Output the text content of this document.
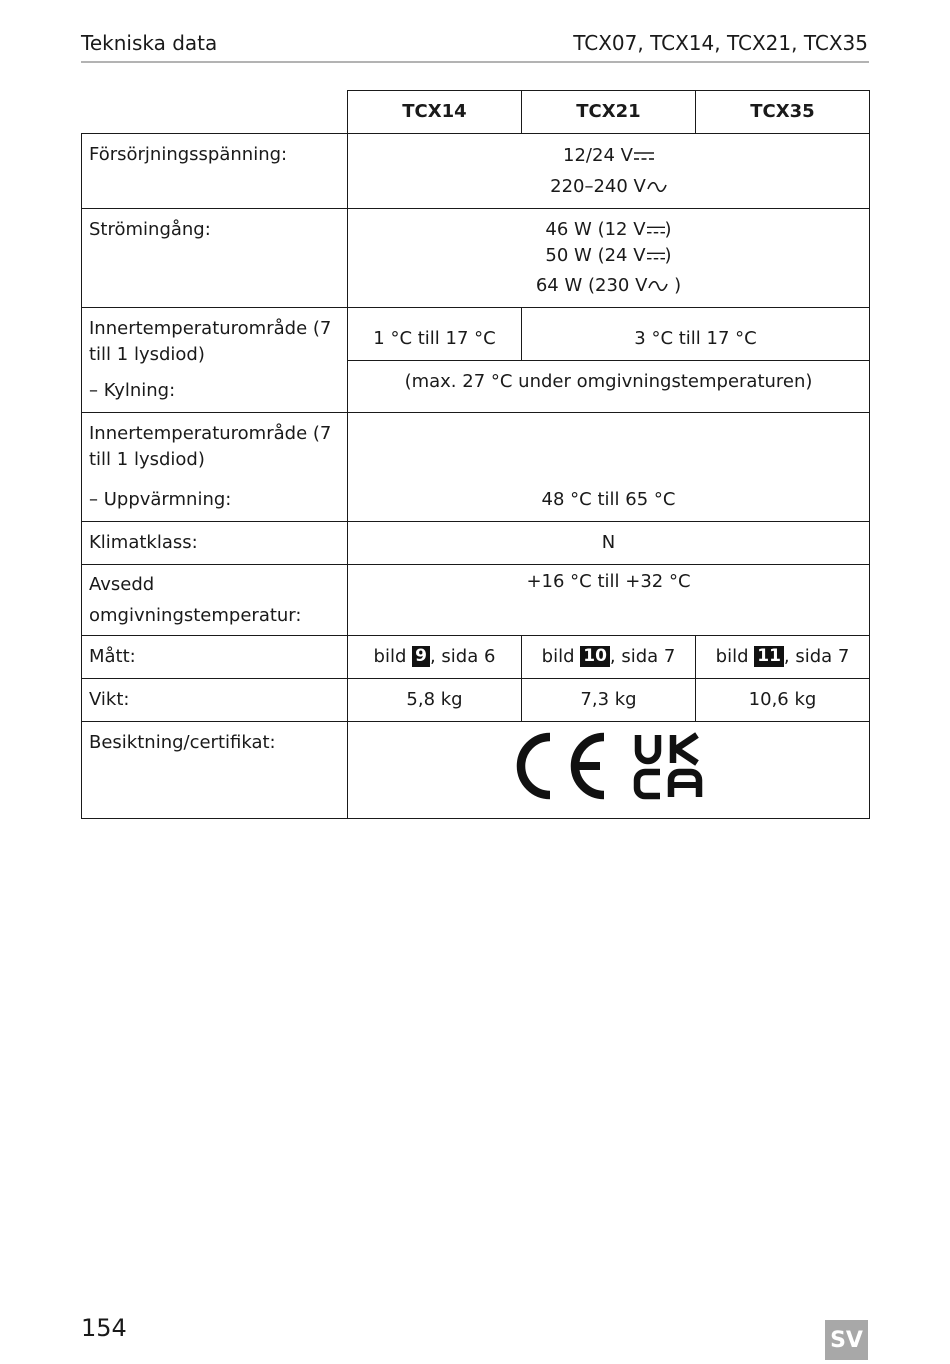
Tekniska data	TCX07, TCX14, TCX21, TCX35
	TCX14	TCX21	TCX35

Försörjningsspänning:	12/24 V
220–240 V		

Strömingång:	46 W (12 V )
50 W (24 V )
64 W (230 V )		

Innertemperaturområde (7 till 1 lysdiod)
– Kylning:	1 °C till 17 °C	3 °C till 17 °C	

	(max. 27 °C under omgivningstemperaturen)		

Innertemperaturområde (7 till 1 lysdiod)
– Uppvärmning:	48 °C till 65 °C		

Klimatklass:	N		

Avsedd omgivningstemperatur:	+16 °C till +32 °C		

Mått:	bild 9 , sida 6	bild 10 , sida 7	bild 11 , sida 7

Vikt:	5,8 kg	7,3 kg	10,6 kg

Besiktning/certifikat:

154	SV
